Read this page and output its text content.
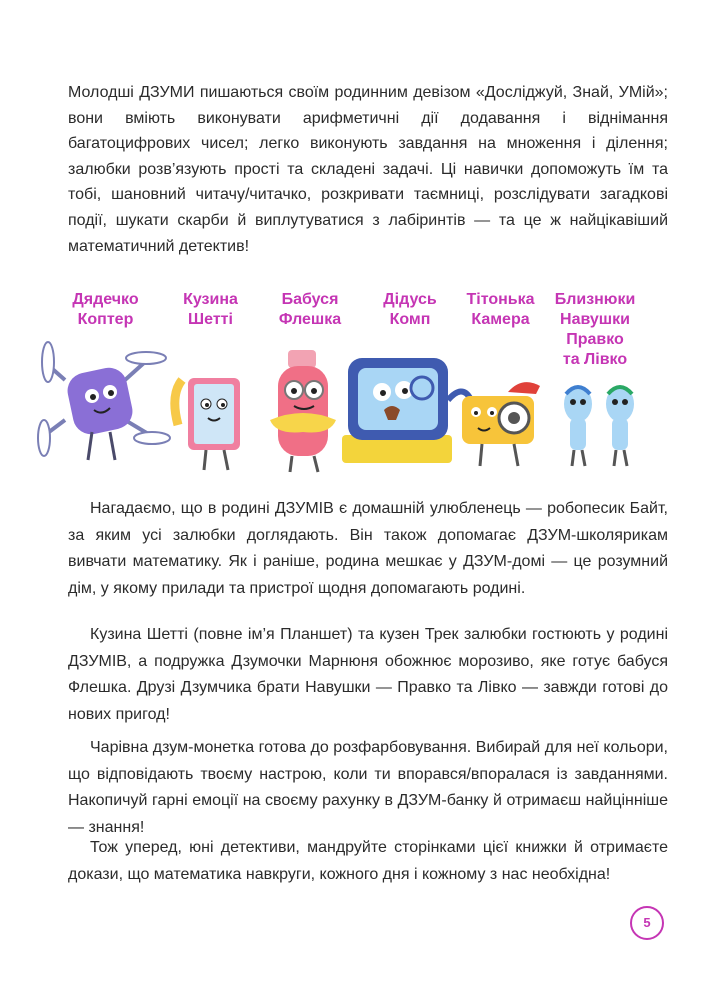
Молодші ДЗУМИ пишаються своїм родинним девізом «Досліджуй, Знай, УМій»; вони вміють виконувати арифметичні дії додавання і віднімання багатоцифрових чисел; легко виконують завдання на множення і ділення; залюбки розв’язують прості та складені задачі. Ці навички допоможуть їм та тобі, шановний читачу/читачко, розкривати таємниці, розслідувати загадкові події, шукати скарби й виплутуватися з лабіринтів — та це ж найцікавіший математичний детектив!

Дядечко
Коптер
Кузина
Шетті
Бабуся
Флешка
Дідусь
Комп
Тітонька
Камера
Близнюки
Навушки
Правко
та Лівко

Нагадаємо, що в родині ДЗУМІВ є домашній улюбленець — робопесик Байт, за яким усі залюбки доглядають. Він також допомагає ДЗУМ-школярикам вивчати математику. Як і раніше, родина мешкає у ДЗУМ-домі — це розумний дім, у якому прилади та пристрої щодня допомагають родині.

Кузина Шетті (повне ім’я Планшет) та кузен Трек залюбки гостюють у родині ДЗУМІВ, а подружка Дзумочки Марнюня обожнює морозиво, яке готує бабуся Флешка. Друзі Дзумчика брати Навушки — Правко та Лівко — завжди готові до нових пригод!

Чарівна дзум-монетка готова до розфарбовування. Вибирай для неї кольори, що відповідають твоєму настрою, коли ти впорався/впоралася із завданнями. Накопичуй гарні емоції на своєму рахунку в ДЗУМ-банку й отримаєш найцінніше — знання!

Тож уперед, юні детективи, мандруйте сторінками цієї книжки й отримаєте докази, що математика навкруги, кожного дня і кожному з нас необхідна!

5
